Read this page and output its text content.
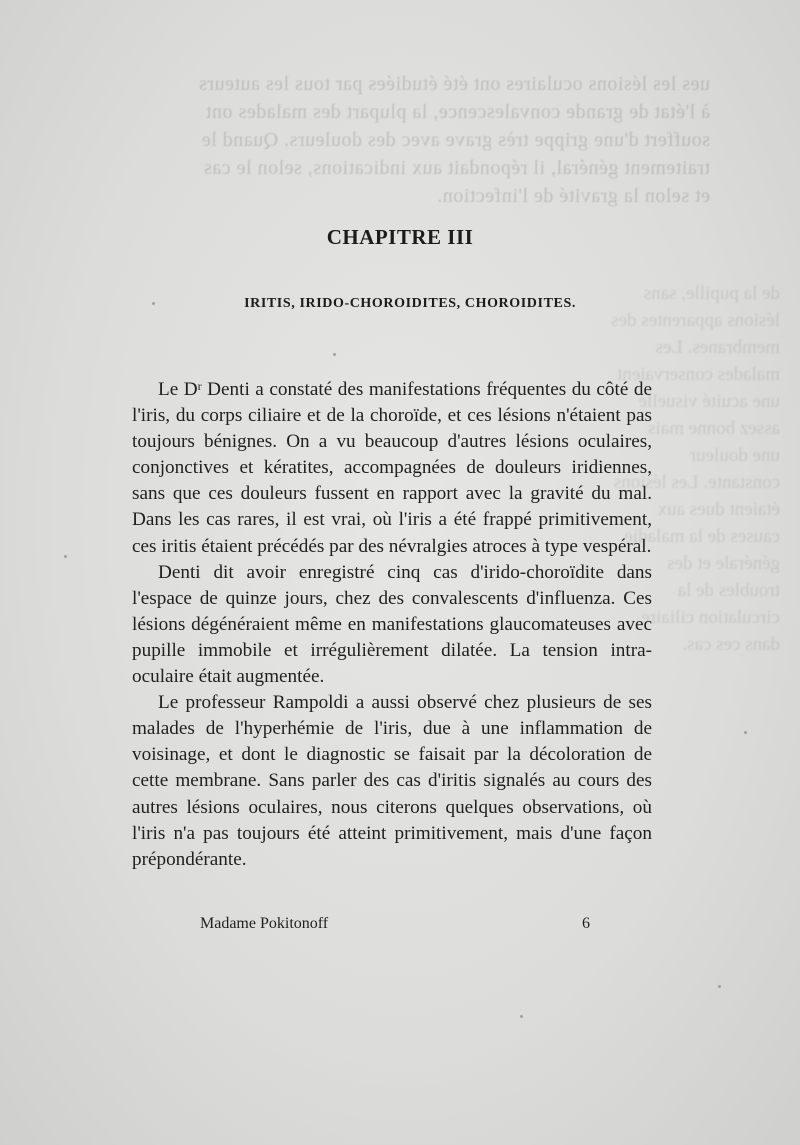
ues les lésions oculaires ont été étudiées par tous les auteurs
à l'état de grande convalescence, la plupart des malades ont
souffert d'une grippe très grave avec des douleurs. Quand le
traitement général, il répondait aux indications, selon le cas
et selon la gravité de l'infection.
de la pupille, sans lésions apparentes des membranes. Les
malades conservaient une acuité visuelle assez bonne mais
une douleur constante. Les lésions étaient dues aux
causes de la maladie générale et des troubles de la
circulation ciliaire dans ces cas.
CHAPITRE III
IRITIS, IRIDO-CHOROIDITES, CHOROIDITES.

Le $D^r$ Denti a constaté des manifestations fréquentes du côté de l'iris, du corps ciliaire et de la choroïde, et ces lésions n'étaient pas toujours bénignes. On a vu beaucoup d'autres lésions oculaires, conjonctives et kératites, accompagnées de douleurs iridiennes, sans que ces douleurs fussent en rapport avec la gravité du mal. Dans les cas rares, il est vrai, où l'iris a été frappé primitivement, ces iritis étaient précédés par des névralgies atroces à type vespéral.

Denti dit avoir enregistré cinq cas d'irido-choroïdite dans l'espace de quinze jours, chez des convalescents d'influenza. Ces lésions dégénéraient même en manifestations glaucomateuses avec pupille immobile et irrégulièrement dilatée. La tension intra-oculaire était augmentée.

Le professeur Rampoldi a aussi observé chez plusieurs de ses malades de l'hyperhémie de l'iris, due à une inflammation de voisinage, et dont le diagnostic se faisait par la décoloration de cette membrane. Sans parler des cas d'iritis signalés au cours des autres lésions oculaires, nous citerons quelques observations, où l'iris n'a pas toujours été atteint primitivement, mais d'une façon prépondérante.

Madame Pokitonoff	6
